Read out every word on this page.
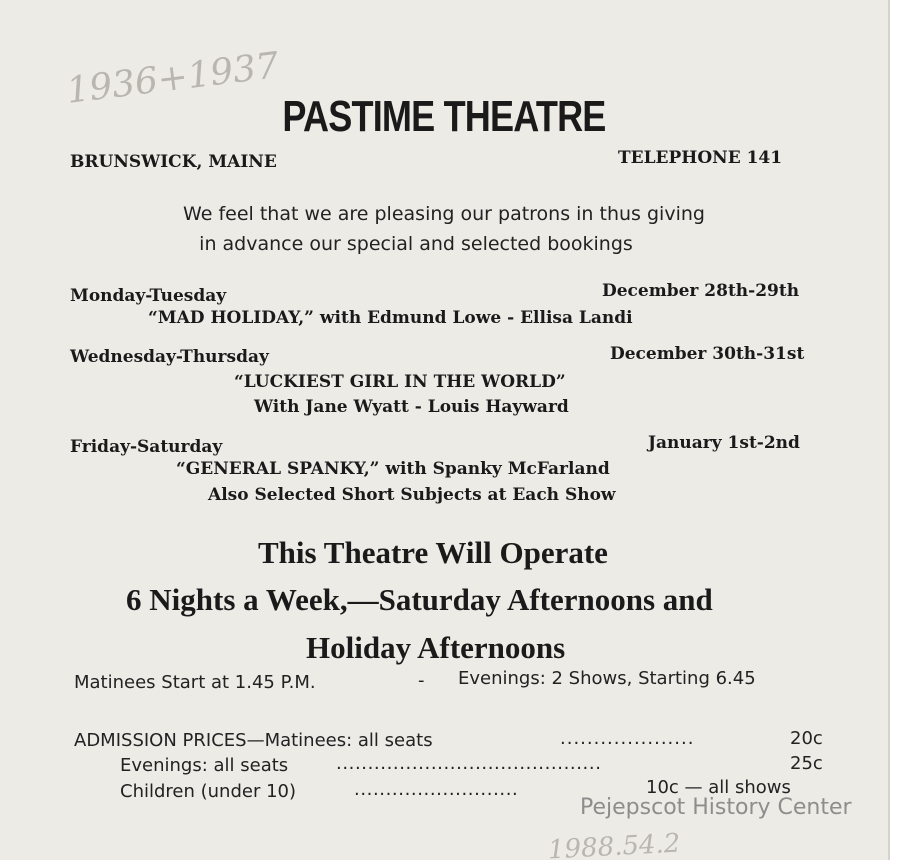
1936+1937
PASTIME THEATRE
BRUNSWICK, MAINE	TELEPHONE 141
We feel that we are pleasing our patrons in thus giving
in advance our special and selected bookings
Monday-Tuesday	December 28th-29th
“MAD HOLIDAY,” with Edmund Lowe - Ellisa Landi
Wednesday-Thursday	December 30th-31st
“LUCKIEST GIRL IN THE WORLD”
With Jane Wyatt - Louis Hayward
Friday-Saturday	January 1st-2nd
“GENERAL SPANKY,” with Spanky McFarland
Also Selected Short Subjects at Each Show
This Theatre Will Operate
6 Nights a Week,—Saturday Afternoons and
Holiday Afternoons
Matinees Start at 1.45 P.M.	- Evenings: 2 Shows, Starting 6.45
ADMISSION PRICES—Matinees: all seats	....................	20c
Evenings: all seats	..........................................	25c
Children (under 10)	..........................	10c — all shows
Pejepscot History Center
1988.54.2
